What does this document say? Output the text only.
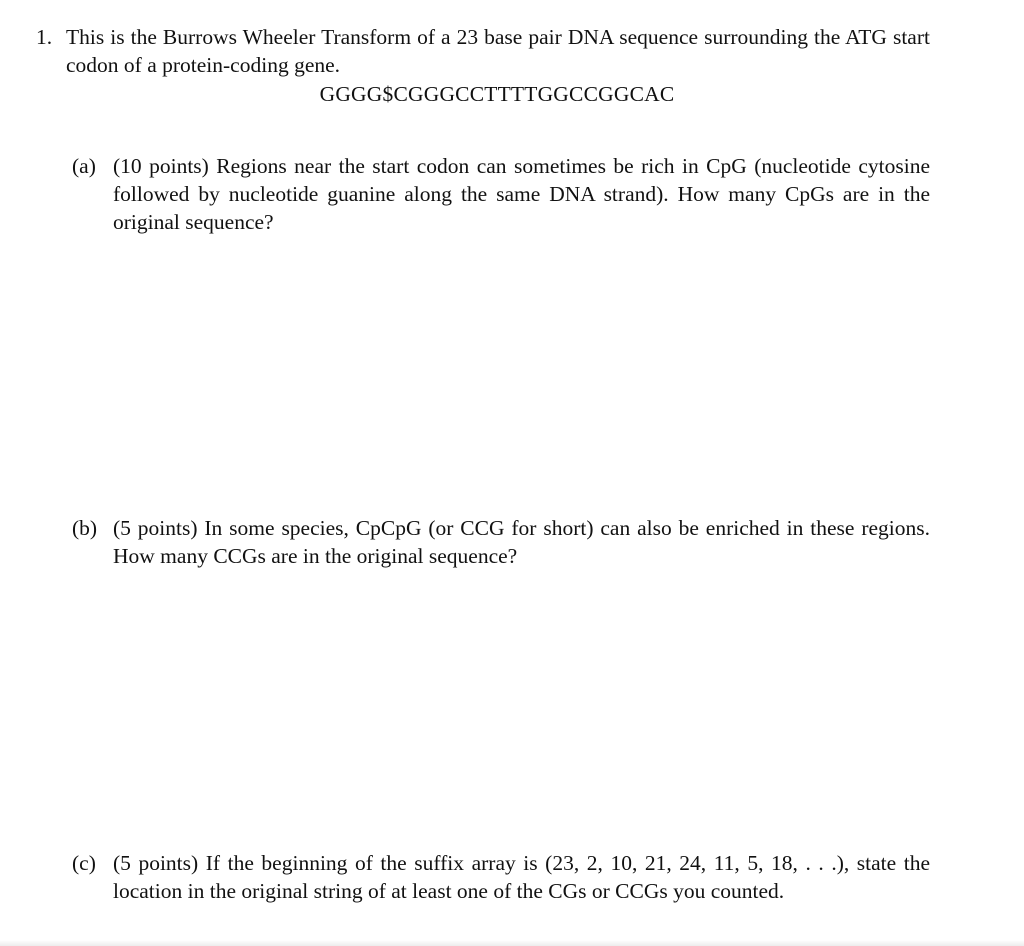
1. This is the Burrows Wheeler Transform of a 23 base pair DNA sequence surrounding the ATG start codon of a protein-coding gene.
GGGG$CGGGCCTTTTGGCCGGCAC
(a) (10 points) Regions near the start codon can sometimes be rich in CpG (nucleotide cytosine followed by nucleotide guanine along the same DNA strand). How many CpGs are in the original sequence?
(b) (5 points) In some species, CpCpG (or CCG for short) can also be enriched in these regions. How many CCGs are in the original sequence?
(c) (5 points) If the beginning of the suffix array is (23, 2, 10, 21, 24, 11, 5, 18, . . .), state the location in the original string of at least one of the CGs or CCGs you counted.
